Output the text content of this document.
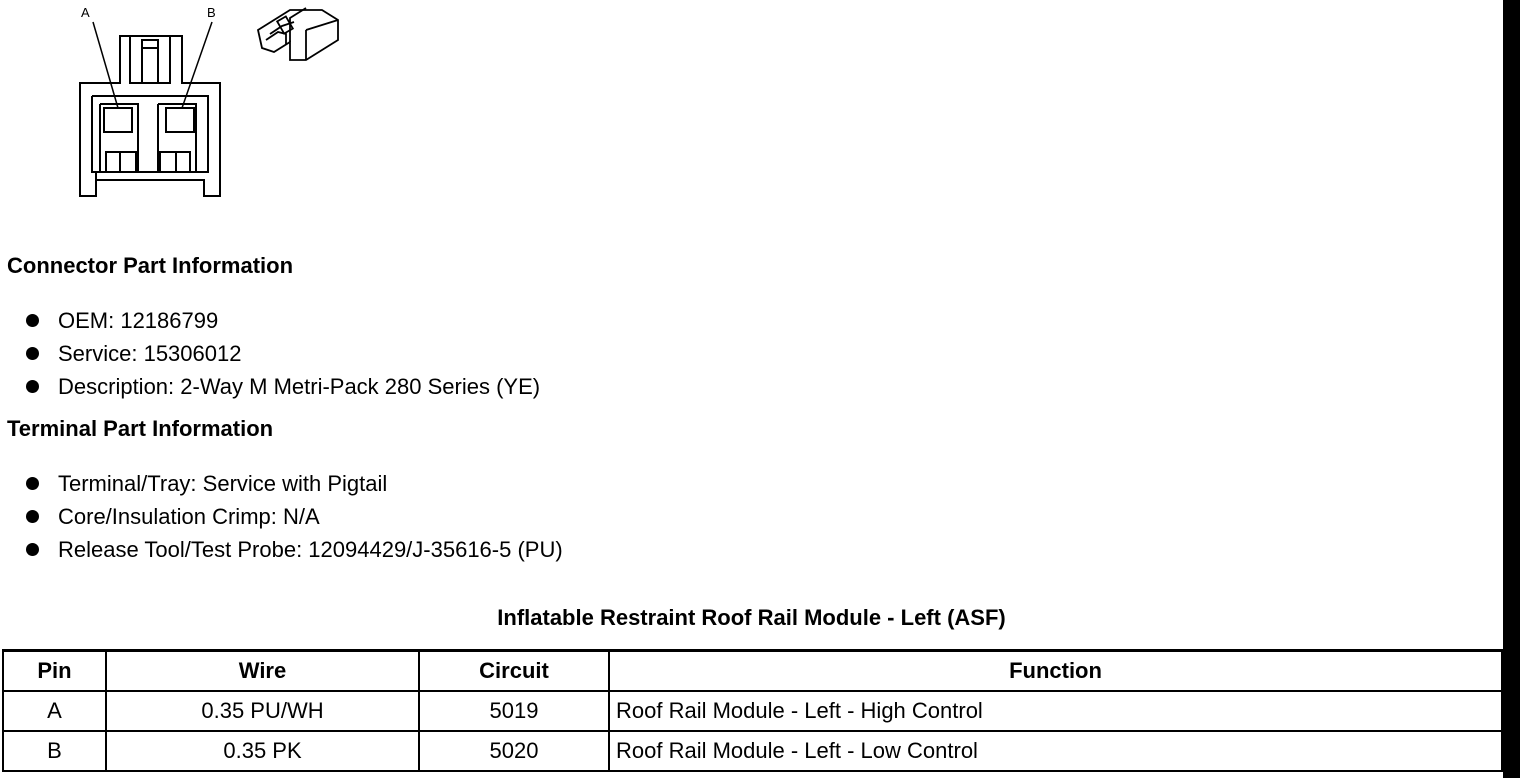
A	B
Connector Part Information
OEM: 12186799
Service: 15306012
Description: 2-Way M Metri-Pack 280 Series (YE)
Terminal Part Information
Terminal/Tray: Service with Pigtail
Core/Insulation Crimp: N/A
Release Tool/Test Probe: 12094429/J-35616-5 (PU)
Inflatable Restraint Roof Rail Module - Left (ASF)
Pin	Wire	Circuit	Function
A	0.35 PU/WH	5019	Roof Rail Module - Left - High Control
B	0.35 PK	5020	Roof Rail Module - Left - Low Control
